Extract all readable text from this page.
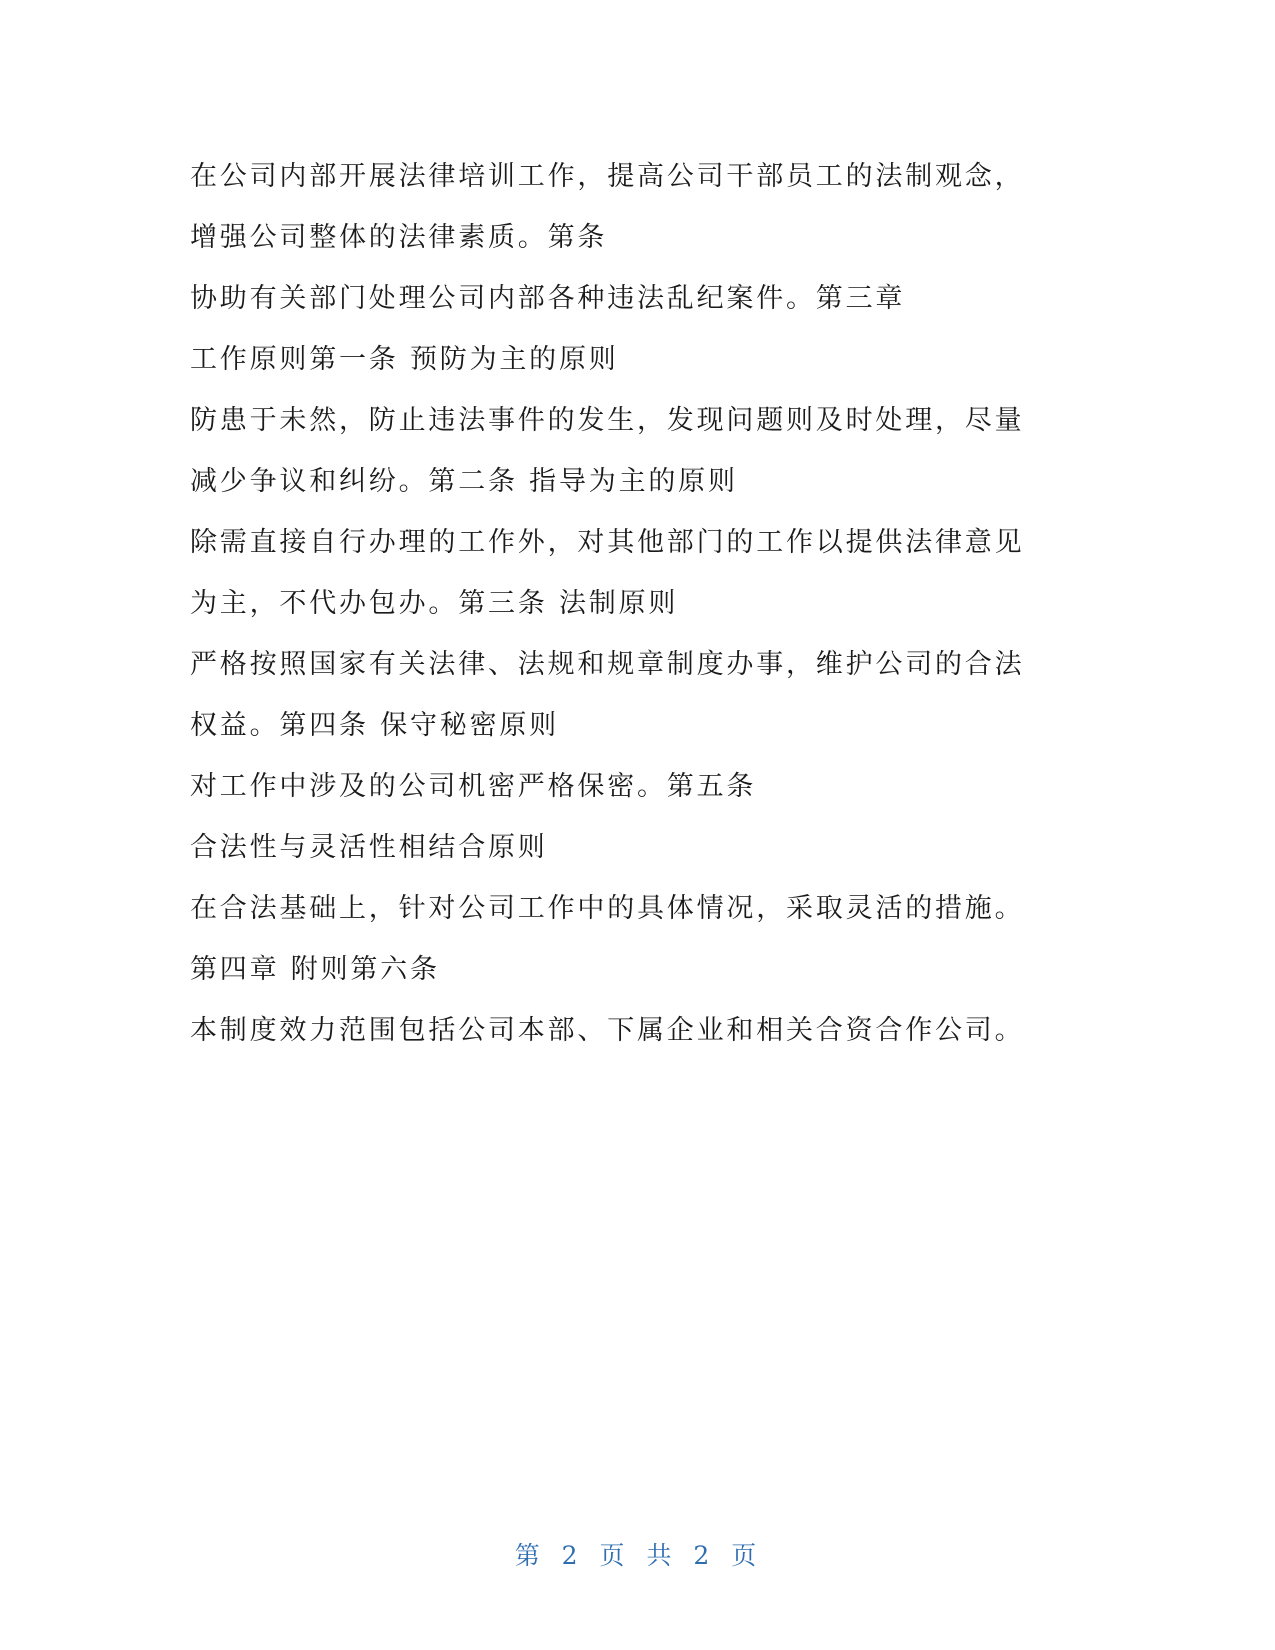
在公司内部开展法律培训工作，提高公司干部员工的法制观念，
增强公司整体的法律素质。第条
协助有关部门处理公司内部各种违法乱纪案件。第三章
工作原则第一条 预防为主的原则
防患于未然，防止违法事件的发生，发现问题则及时处理，尽量
减少争议和纠纷。第二条 指导为主的原则
除需直接自行办理的工作外，对其他部门的工作以提供法律意见
为主，不代办包办。第三条 法制原则
严格按照国家有关法律、法规和规章制度办事，维护公司的合法
权益。第四条 保守秘密原则
对工作中涉及的公司机密严格保密。第五条
合法性与灵活性相结合原则
在合法基础上，针对公司工作中的具体情况，采取灵活的措施。
第四章 附则第六条
本制度效力范围包括公司本部、下属企业和相关合资合作公司。
第 2 页 共 2 页
